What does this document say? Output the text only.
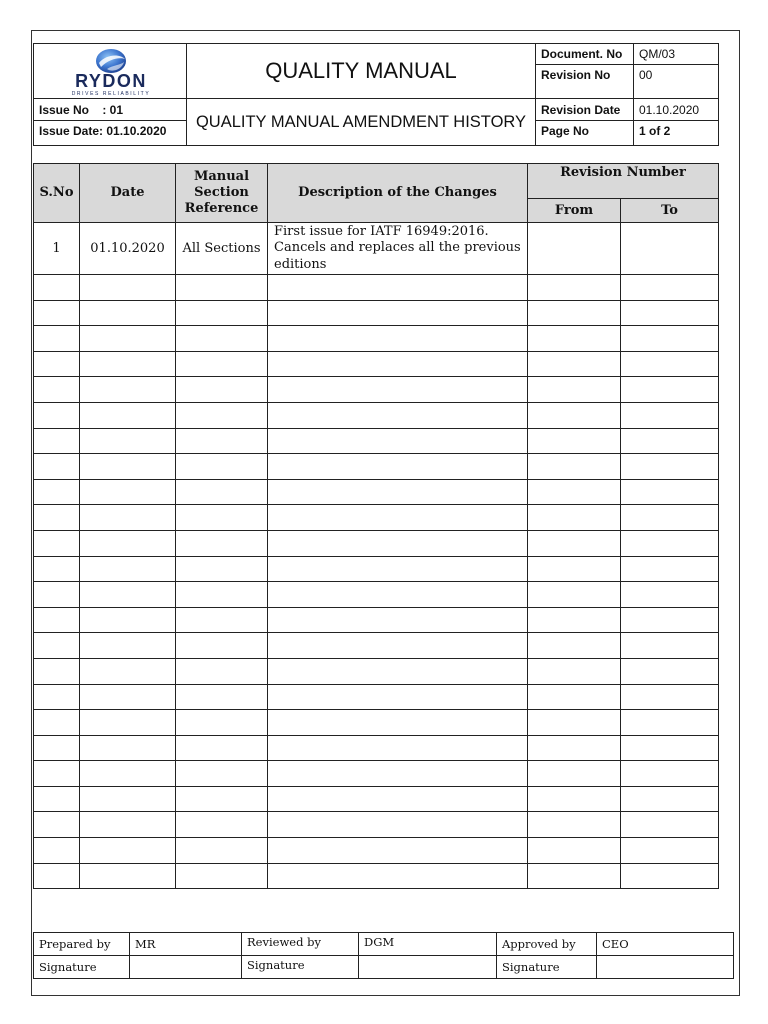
RYDON
DRIVES RELIABILITY	QUALITY MANUAL	Document. No	QM/03
		Revision No	00
Issue No    : 01	QUALITY MANUAL AMENDMENT HISTORY	Revision Date	01.10.2020
Issue Date: 01.10.2020		Page No	1 of 2
S.No	Date	Manual Section Reference	Description of the Changes	Revision Number	
				From	To
1	01.10.2020	All Sections	First issue for IATF 16949:2016. Cancels and replaces all the previous editions		

Prepared by	MR	Reviewed by	DGM	Approved by	CEO
Signature		Signature		Signature	
